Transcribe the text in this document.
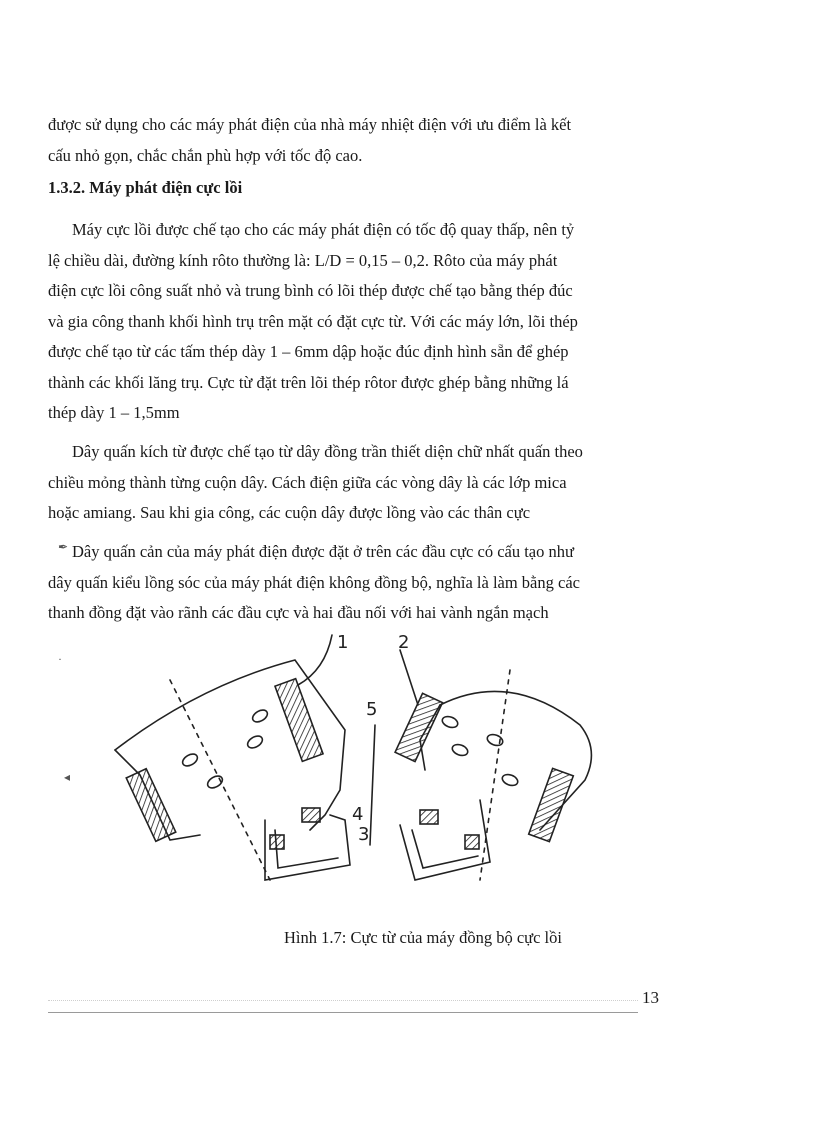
được sử dụng cho các máy phát điện của nhà máy nhiệt điện với ưu điểm là kết
cấu nhỏ gọn, chắc chắn phù hợp với tốc độ cao.

1.3.2. Máy phát điện cực lồi

Máy cực lồi được chế tạo cho các máy phát điện có tốc độ quay thấp, nên tỷ
lệ chiều dài, đường kính rôto thường là: L/D = 0,15 – 0,2. Rôto của máy phát
điện cực lồi công suất nhỏ và trung bình có lõi thép được chế tạo bằng thép đúc
và gia công thanh khối hình trụ trên mặt có đặt cực từ. Với các máy lớn, lõi thép
được chế tạo từ các tấm thép dày 1 – 6mm dập hoặc đúc định hình sẵn để ghép
thành các khối lăng trụ. Cực từ đặt trên lõi thép rôtor được ghép bằng những lá
thép dày 1 – 1,5mm

Dây quấn kích từ được chế tạo từ dây đồng trần thiết diện chữ nhất quấn theo
chiều mỏng thành từng cuộn dây. Cách điện giữa các vòng dây là các lớp mica
hoặc amiang. Sau khi gia công, các cuộn dây được lồng vào các thân cực

Dây quấn cản của máy phát điện được đặt ở trên các đầu cực có cấu tạo như
dây quấn kiểu lồng sóc của máy phát điện không đồng bộ, nghĩa là làm bằng các
thanh đồng đặt vào rãnh các đầu cực và hai đầu nối với hai vành ngắn mạch

✒
·
◂
1	2
3
4
5

Hình 1.7: Cực từ của máy đồng bộ cực lồi

13
